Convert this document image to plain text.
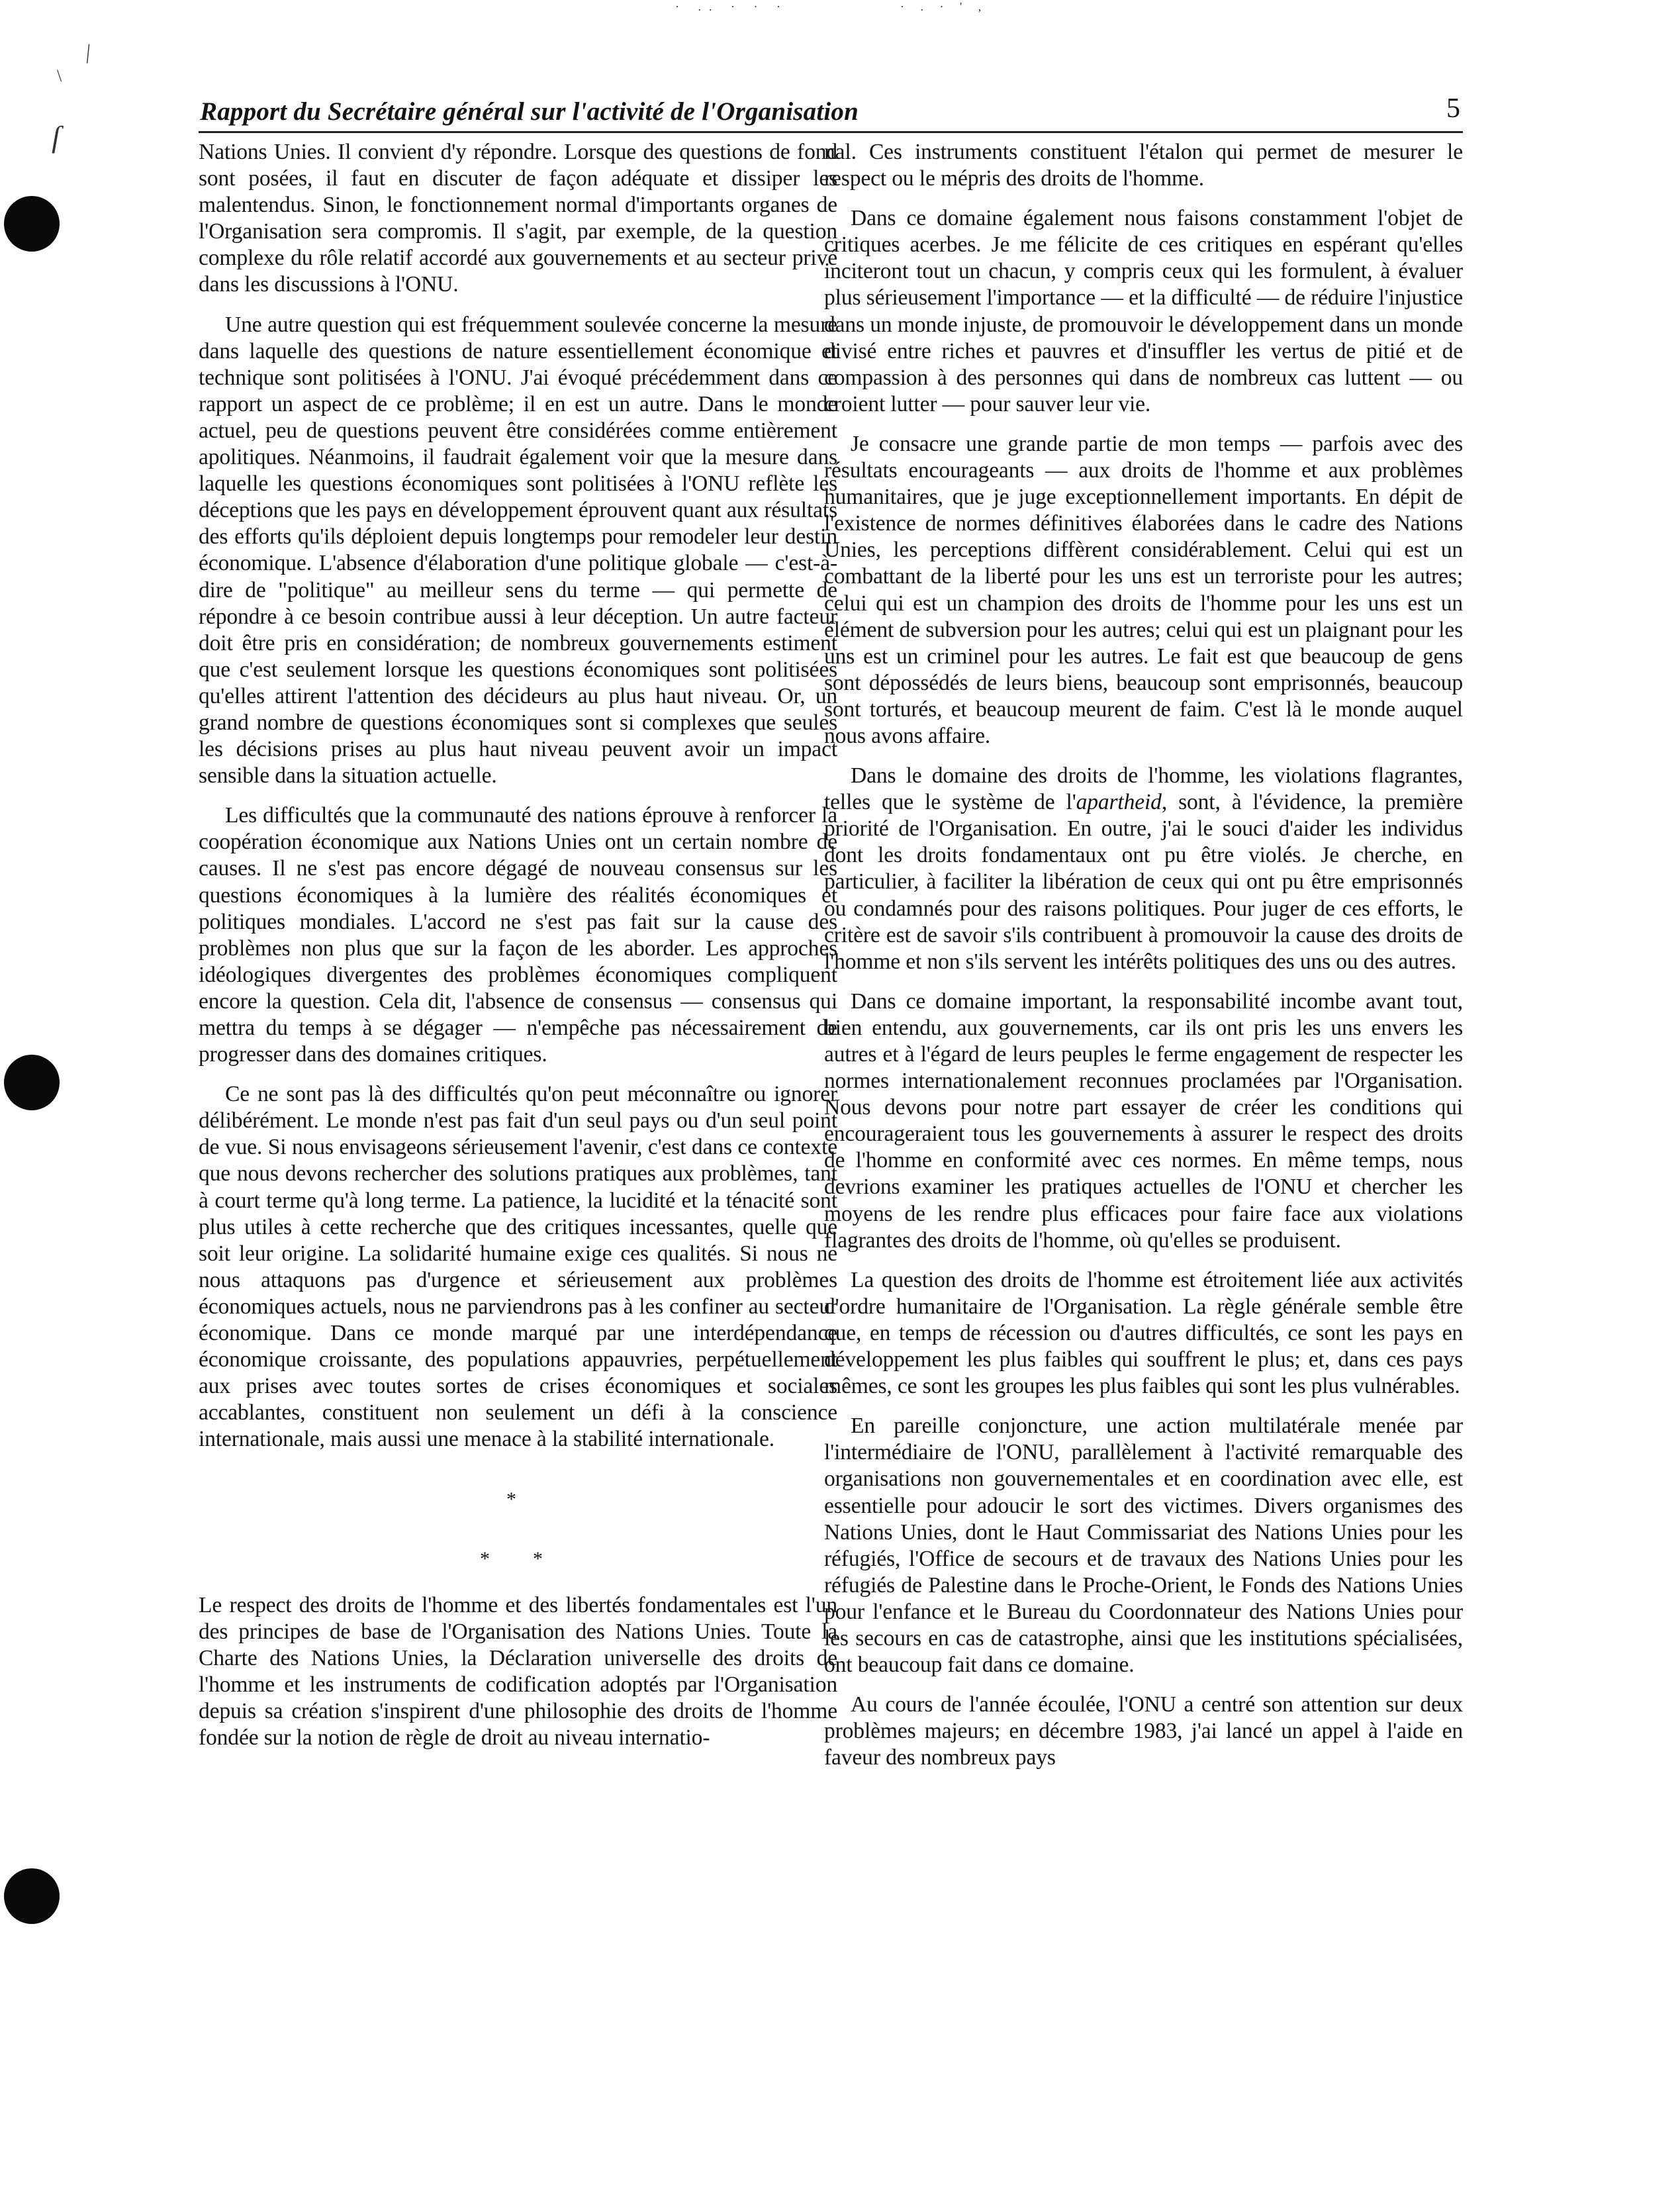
ſ
⁄
\
· .. · · ·	· . · ' ,
Rapport du Secrétaire général sur l'activité de l'Organisation	5

Nations Unies. Il convient d'y répondre. Lorsque des questions de fond sont posées, il faut en discuter de façon adéquate et dissiper les malentendus. Sinon, le fonctionnement normal d'importants organes de l'Organisation sera compromis. Il s'agit, par exemple, de la question complexe du rôle relatif accordé aux gouvernements et au secteur privé dans les discussions à l'ONU.

Une autre question qui est fréquemment soulevée concerne la mesure dans laquelle des questions de nature essentiellement économique et technique sont politisées à l'ONU. J'ai évoqué précédemment dans ce rapport un aspect de ce problème; il en est un autre. Dans le monde actuel, peu de questions peuvent être considérées comme entièrement apolitiques. Néanmoins, il faudrait également voir que la mesure dans laquelle les questions économiques sont politisées à l'ONU reflète les déceptions que les pays en développement éprouvent quant aux résultats des efforts qu'ils déploient depuis longtemps pour remodeler leur destin économique. L'absence d'élaboration d'une politique globale — c'est-à-dire de "politique" au meilleur sens du terme — qui permette de répondre à ce besoin contribue aussi à leur déception. Un autre facteur doit être pris en considération; de nombreux gouvernements estiment que c'est seulement lorsque les questions économiques sont politisées qu'elles attirent l'attention des décideurs au plus haut niveau. Or, un grand nombre de questions économiques sont si complexes que seules les décisions prises au plus haut niveau peuvent avoir un impact sensible dans la situation actuelle.

Les difficultés que la communauté des nations éprouve à renforcer la coopération économique aux Nations Unies ont un certain nombre de causes. Il ne s'est pas encore dégagé de nouveau consensus sur les questions économiques à la lumière des réalités économiques et politiques mondiales. L'accord ne s'est pas fait sur la cause des problèmes non plus que sur la façon de les aborder. Les approches idéologiques divergentes des problèmes économiques compliquent encore la question. Cela dit, l'absence de consensus — consensus qui mettra du temps à se dégager — n'empêche pas nécessairement de progresser dans des domaines critiques.

Ce ne sont pas là des difficultés qu'on peut méconnaître ou ignorer délibérément. Le monde n'est pas fait d'un seul pays ou d'un seul point de vue. Si nous envisageons sérieusement l'avenir, c'est dans ce contexte que nous devons rechercher des solutions pratiques aux problèmes, tant à court terme qu'à long terme. La patience, la lucidité et la ténacité sont plus utiles à cette recherche que des critiques incessantes, quelle que soit leur origine. La solidarité humaine exige ces qualités. Si nous ne nous attaquons pas d'urgence et sérieusement aux problèmes économiques actuels, nous ne parviendrons pas à les confiner au secteur économique. Dans ce monde marqué par une interdépendance économique croissante, des populations appauvries, perpétuellement aux prises avec toutes sortes de crises économiques et sociales accablantes, constituent non seulement un défi à la conscience internationale, mais aussi une menace à la stabilité internationale.

*
* *

Le respect des droits de l'homme et des libertés fondamentales est l'un des principes de base de l'Organisation des Nations Unies. Toute la Charte des Nations Unies, la Déclaration universelle des droits de l'homme et les instruments de codification adoptés par l'Organisation depuis sa création s'inspirent d'une philosophie des droits de l'homme fondée sur la notion de règle de droit au niveau internatio-

nal. Ces instruments constituent l'étalon qui permet de mesurer le respect ou le mépris des droits de l'homme.

Dans ce domaine également nous faisons constamment l'objet de critiques acerbes. Je me félicite de ces critiques en espérant qu'elles inciteront tout un chacun, y compris ceux qui les formulent, à évaluer plus sérieusement l'importance — et la difficulté — de réduire l'injustice dans un monde injuste, de promouvoir le développement dans un monde divisé entre riches et pauvres et d'insuffler les vertus de pitié et de compassion à des personnes qui dans de nombreux cas luttent — ou croient lutter — pour sauver leur vie.

Je consacre une grande partie de mon temps — parfois avec des résultats encourageants — aux droits de l'homme et aux problèmes humanitaires, que je juge exceptionnellement importants. En dépit de l'existence de normes définitives élaborées dans le cadre des Nations Unies, les perceptions diffèrent considérablement. Celui qui est un combattant de la liberté pour les uns est un terroriste pour les autres; celui qui est un champion des droits de l'homme pour les uns est un élément de subversion pour les autres; celui qui est un plaignant pour les uns est un criminel pour les autres. Le fait est que beaucoup de gens sont dépossédés de leurs biens, beaucoup sont emprisonnés, beaucoup sont torturés, et beaucoup meurent de faim. C'est là le monde auquel nous avons affaire.

Dans le domaine des droits de l'homme, les violations flagrantes, telles que le système de l'apartheid, sont, à l'évidence, la première priorité de l'Organisation. En outre, j'ai le souci d'aider les individus dont les droits fondamentaux ont pu être violés. Je cherche, en particulier, à faciliter la libération de ceux qui ont pu être emprisonnés ou condamnés pour des raisons politiques. Pour juger de ces efforts, le critère est de savoir s'ils contribuent à promouvoir la cause des droits de l'homme et non s'ils servent les intérêts politiques des uns ou des autres.

Dans ce domaine important, la responsabilité incombe avant tout, bien entendu, aux gouvernements, car ils ont pris les uns envers les autres et à l'égard de leurs peuples le ferme engagement de respecter les normes internationalement reconnues proclamées par l'Organisation. Nous devons pour notre part essayer de créer les conditions qui encourageraient tous les gouvernements à assurer le respect des droits de l'homme en conformité avec ces normes. En même temps, nous devrions examiner les pratiques actuelles de l'ONU et chercher les moyens de les rendre plus efficaces pour faire face aux violations flagrantes des droits de l'homme, où qu'elles se produisent.

La question des droits de l'homme est étroitement liée aux activités d'ordre humanitaire de l'Organisation. La règle générale semble être que, en temps de récession ou d'autres difficultés, ce sont les pays en développement les plus faibles qui souffrent le plus; et, dans ces pays mêmes, ce sont les groupes les plus faibles qui sont les plus vulnérables.

En pareille conjoncture, une action multilatérale menée par l'intermédiaire de l'ONU, parallèlement à l'activité remarquable des organisations non gouvernementales et en coordination avec elle, est essentielle pour adoucir le sort des victimes. Divers organismes des Nations Unies, dont le Haut Commissariat des Nations Unies pour les réfugiés, l'Office de secours et de travaux des Nations Unies pour les réfugiés de Palestine dans le Proche-Orient, le Fonds des Nations Unies pour l'enfance et le Bureau du Coordonnateur des Nations Unies pour les secours en cas de catastrophe, ainsi que les institutions spécialisées, ont beaucoup fait dans ce domaine.

Au cours de l'année écoulée, l'ONU a centré son attention sur deux problèmes majeurs; en décembre 1983, j'ai lancé un appel à l'aide en faveur des nombreux pays
